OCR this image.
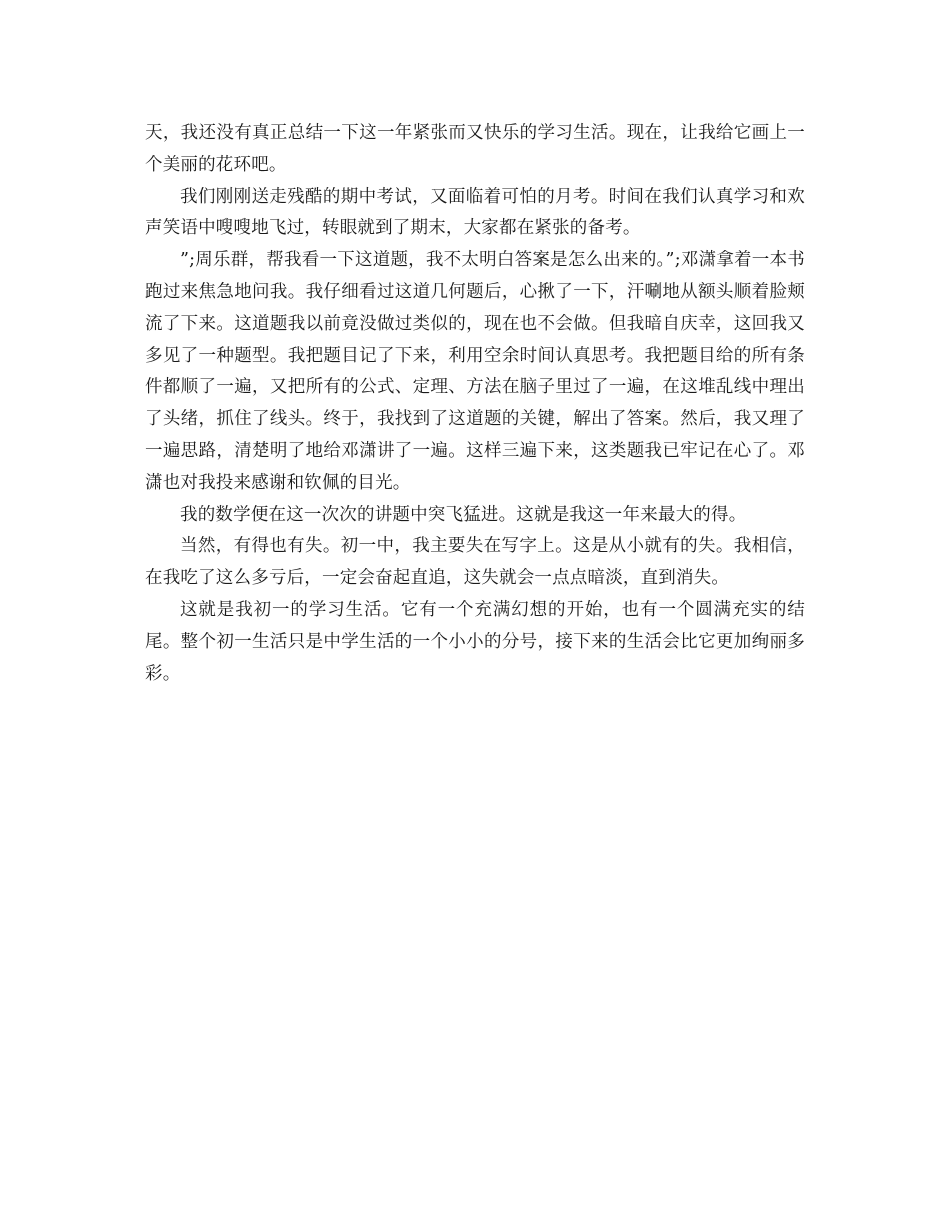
天，我还没有真正总结一下这一年紧张而又快乐的学习生活。现在，让我给它画上一个美丽的花环吧。

我们刚刚送走残酷的期中考试，又面临着可怕的月考。时间在我们认真学习和欢声笑语中嗖嗖地飞过，转眼就到了期末，大家都在紧张的备考。

”;周乐群，帮我看一下这道题，我不太明白答案是怎么出来的。”;邓潇拿着一本书跑过来焦急地问我。我仔细看过这道几何题后，心揪了一下，汗唰地从额头顺着脸颊流了下来。这道题我以前竟没做过类似的，现在也不会做。但我暗自庆幸，这回我又多见了一种题型。我把题目记了下来，利用空余时间认真思考。我把题目给的所有条件都顺了一遍，又把所有的公式、定理、方法在脑子里过了一遍，在这堆乱线中理出了头绪，抓住了线头。终于，我找到了这道题的关键，解出了答案。然后，我又理了一遍思路，清楚明了地给邓潇讲了一遍。这样三遍下来，这类题我已牢记在心了。邓潇也对我投来感谢和钦佩的目光。

我的数学便在这一次次的讲题中突飞猛进。这就是我这一年来最大的得。

当然，有得也有失。初一中，我主要失在写字上。这是从小就有的失。我相信，在我吃了这么多亏后，一定会奋起直追，这失就会一点点暗淡，直到消失。

这就是我初一的学习生活。它有一个充满幻想的开始，也有一个圆满充实的结尾。整个初一生活只是中学生活的一个小小的分号，接下来的生活会比它更加绚丽多彩。
